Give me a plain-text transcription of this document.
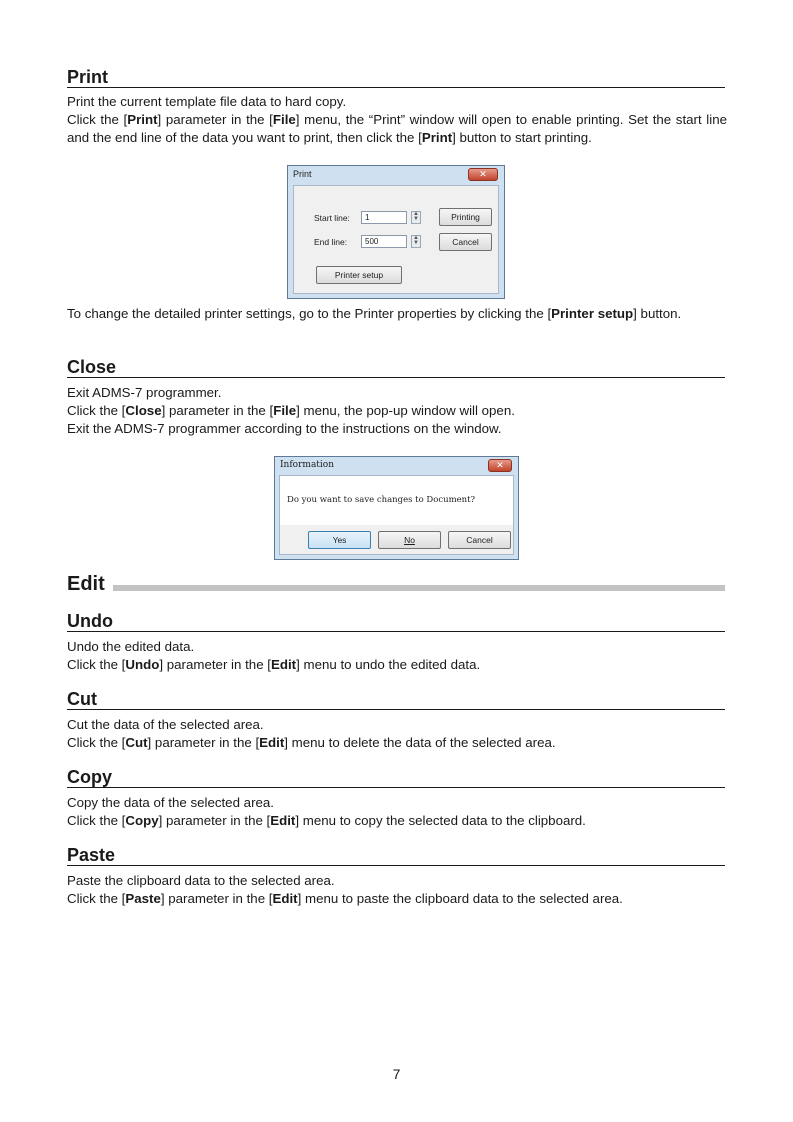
Print
Print the current template file data to hard copy.
Click the [Print] parameter in the [File] menu, the “Print” window will open to enable printing. Set the start line and the end line of the data you want to print, then click the [Print] button to start printing.
Print	✕
Start line:	1	▲
▼
End line:	500	▲
▼
Printing
Cancel
Printer setup
To change the detailed printer settings, go to the Printer properties by clicking the [Printer setup] button.
Close
Exit ADMS-7 programmer.
Click the [Close] parameter in the [File] menu, the pop-up window will open.
Exit the ADMS-7 programmer according to the instructions on the window.
Information	✕
Do you want to save changes to Document?
Yes	No	Cancel
Edit
Undo
Undo the edited data.
Click the [Undo] parameter in the [Edit] menu to undo the edited data.
Cut
Cut the data of the selected area.
Click the [Cut] parameter in the [Edit] menu to delete the data of the selected area.
Copy
Copy the data of the selected area.
Click the [Copy] parameter in the [Edit] menu to copy the selected data to the clipboard.
Paste
Paste the clipboard data to the selected area.
Click the [Paste] parameter in the [Edit] menu to paste the clipboard data to the selected area.
7
